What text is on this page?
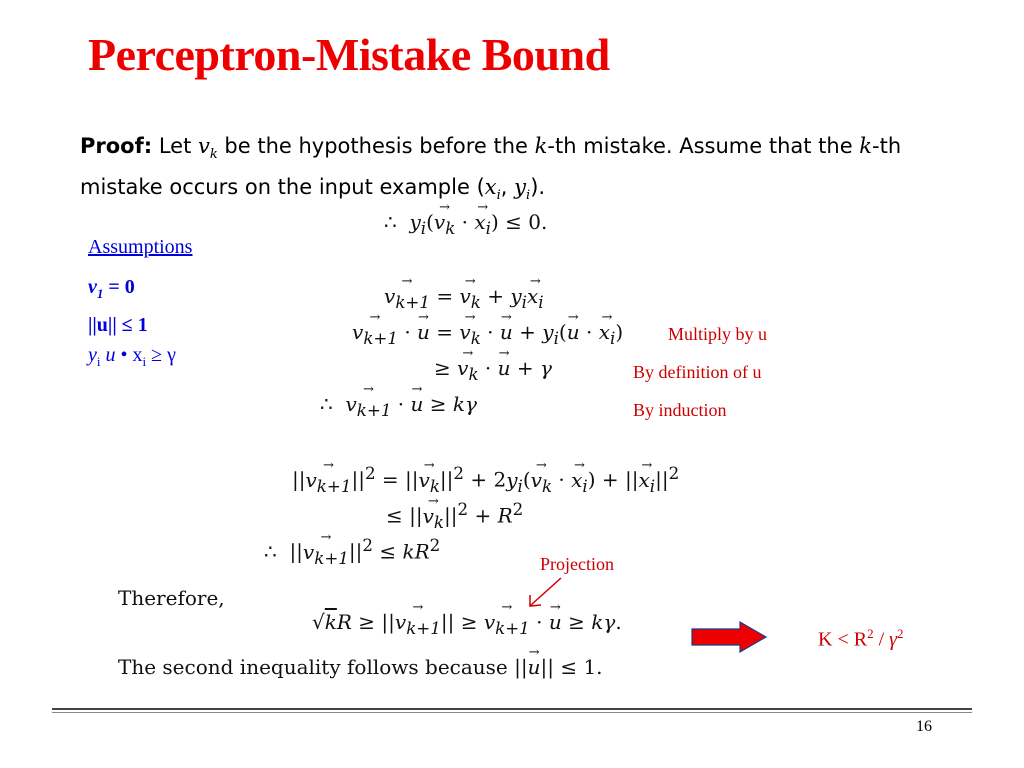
Perceptron-Mistake Bound
Proof: Let $v_k$ be the hypothesis before the k-th mistake. Assume that the k-th mistake occurs on the input example ($x_i$, $y_i$).
∴  $y_i(\to v_k$ · → $x_i) \le 0$.
Assumptions
$v_1 = 0$
||u|| ≤ 1
$y_i$ u • $x_i \ge \gamma$
→ $v_{k+1}$ = → $v_k + y_i\to x_i$
→ $v_{k+1}$ · → u = → $v_k$ · → $u + y_i(\to u$ · → $x_i$)
≥ → $v_k$ · → u + γ
∴  → $v_{k+1}$ · → u ≥ kγ
Multiply by u
By definition of u
By induction
||→ $v_{k+1}||^2$ = ||→ $v_k||^2 + 2y_i(\to v_k$ · → $x_i$) + ||→ $x_i||^2$
≤ ||→ $v_k||^2 + R^2$
∴  ||→ $v_{k+1}||^2 \le kR^2$
Projection
Therefore,
√kR ≥ ||→ $v_{k+1}||$ ≥ → $v_{k+1}$ · → u ≥ kγ.
The second inequality follows because ||→ u|| ≤ 1.
$K < R^2 / \gamma^2$
16
